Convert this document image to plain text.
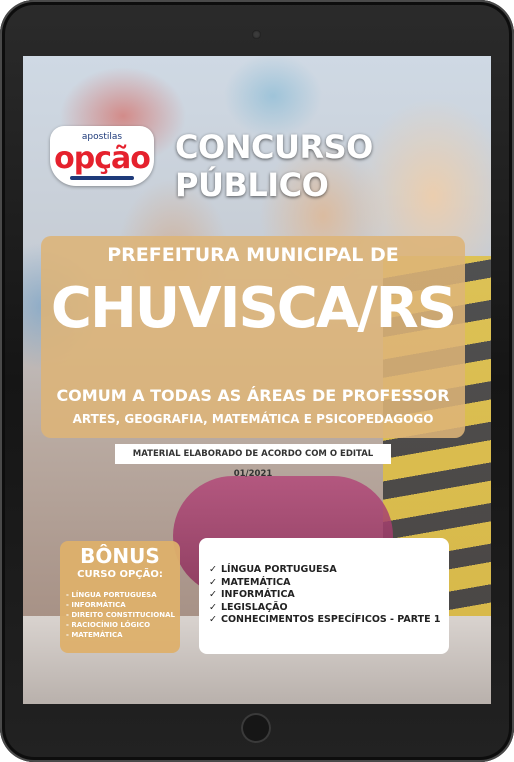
apostilas
opção CONCURSO PÚBLICO
PREFEITURA MUNICIPAL DE
CHUVISCA/RS
COMUM A TODAS AS ÁREAS DE PROFESSOR
ARTES, GEOGRAFIA, MATEMÁTICA E PSICOPEDAGOGO
MATERIAL ELABORADO DE ACORDO COM O EDITAL 01/2021
BÔNUS
CURSO OPÇÃO:
- LÍNGUA PORTUGUESA
- INFORMÁTICA
- DIREITO CONSTITUCIONAL
- RACIOCÍNIO LÓGICO
- MATEMÁTICA
✓ LÍNGUA PORTUGUESA
✓ MATEMÁTICA
✓ INFORMÁTICA
✓ LEGISLAÇÃO
✓ CONHECIMENTOS ESPECÍFICOS - PARTE 1
